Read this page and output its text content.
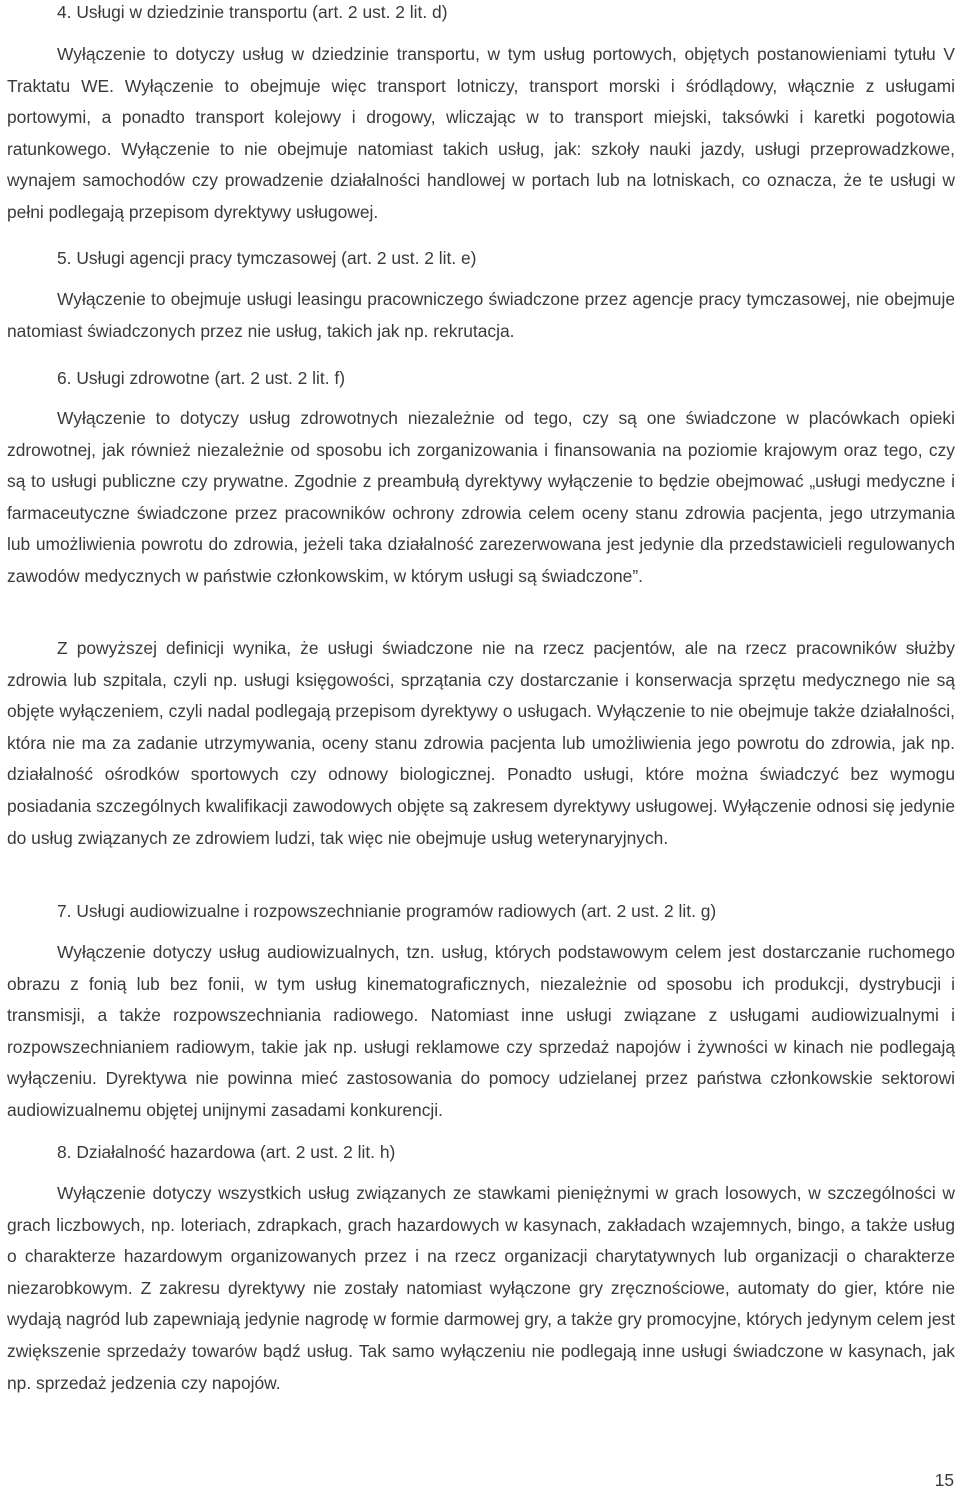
4. Usługi w dziedzinie transportu (art. 2 ust. 2 lit. d)

Wyłączenie to dotyczy usług w dziedzinie transportu, w tym usług portowych, objętych postanowieniami tytułu V Traktatu WE. Wyłączenie to obejmuje więc transport lotniczy, transport morski i śródlądowy, włącznie z usługami portowymi, a ponadto transport kolejowy i drogowy, wliczając w to transport miejski, taksówki i karetki pogotowia ratunkowego. Wyłączenie to nie obejmuje natomiast takich usług, jak: szkoły nauki jazdy, usługi przeprowadzkowe, wynajem samochodów czy prowadzenie działalności handlowej w portach lub na lotniskach, co oznacza, że te usługi w pełni podlegają przepisom dyrektywy usługowej.

5. Usługi agencji pracy tymczasowej (art. 2 ust. 2 lit. e)

Wyłączenie to obejmuje usługi leasingu pracowniczego świadczone przez agencje pracy tymczasowej, nie obejmuje natomiast świadczonych przez nie usług, takich jak np. rekrutacja.

6. Usługi zdrowotne (art. 2 ust. 2 lit. f)

Wyłączenie to dotyczy usług zdrowotnych niezależnie od tego, czy są one świadczone w placówkach opieki zdrowotnej, jak również niezależnie od sposobu ich zorganizowania i finansowania na poziomie krajowym oraz tego, czy są to usługi publiczne czy prywatne. Zgodnie z preambułą dyrektywy wyłączenie to będzie obejmować „usługi medyczne i farmaceutyczne świadczone przez pracowników ochrony zdrowia celem oceny stanu zdrowia pacjenta, jego utrzymania lub umożliwienia powrotu do zdrowia, jeżeli taka działalność zarezerwowana jest jedynie dla przedstawicieli regulowanych zawodów medycznych w państwie członkowskim, w którym usługi są świadczone”.

Z powyższej definicji wynika, że usługi świadczone nie na rzecz pacjentów, ale na rzecz pracowników służby zdrowia lub szpitala, czyli np. usługi księgowości, sprzątania czy dostarczanie i konserwacja sprzętu medycznego nie są objęte wyłączeniem, czyli nadal podlegają przepisom dyrektywy o usługach. Wyłączenie to nie obejmuje także działalności, która nie ma za zadanie utrzymywania, oceny stanu zdrowia pacjenta lub umożliwienia jego powrotu do zdrowia, jak np. działalność ośrodków sportowych czy odnowy biologicznej. Ponadto usługi, które można świadczyć bez wymogu posiadania szczególnych kwalifikacji zawodowych objęte są zakresem dyrektywy usługowej. Wyłączenie odnosi się jedynie do usług związanych ze zdrowiem ludzi, tak więc nie obejmuje usług weterynaryjnych.

7. Usługi audiowizualne i rozpowszechnianie programów radiowych (art. 2 ust. 2 lit. g)

Wyłączenie dotyczy usług audiowizualnych, tzn. usług, których podstawowym celem jest dostarczanie ruchomego obrazu z fonią lub bez fonii, w tym usług kinematograficznych, niezależnie od sposobu ich produkcji, dystrybucji i transmisji, a także rozpowszechniania radiowego. Natomiast inne usługi związane z usługami audiowizualnymi i rozpowszechnianiem radiowym, takie jak np. usługi reklamowe czy sprzedaż napojów i żywności w kinach nie podlegają wyłączeniu. Dyrektywa nie powinna mieć zastosowania do pomocy udzielanej przez państwa członkowskie sektorowi audiowizualnemu objętej unijnymi zasadami konkurencji.

8. Działalność hazardowa (art. 2 ust. 2 lit. h)

Wyłączenie dotyczy wszystkich usług związanych ze stawkami pieniężnymi w grach losowych, w szczególności w grach liczbowych, np. loteriach, zdrapkach, grach hazardowych w kasynach, zakładach wzajemnych, bingo, a także usług o charakterze hazardowym organizowanych przez i na rzecz organizacji charytatywnych lub organizacji o charakterze niezarobkowym. Z zakresu dyrektywy nie zostały natomiast wyłączone gry zręcznościowe, automaty do gier, które nie wydają nagród lub zapewniają jedynie nagrodę w formie darmowej gry, a także gry promocyjne, których jedynym celem jest zwiększenie sprzedaży towarów bądź usług. Tak samo wyłączeniu nie podlegają inne usługi świadczone w kasynach, jak np. sprzedaż jedzenia czy napojów.

15
